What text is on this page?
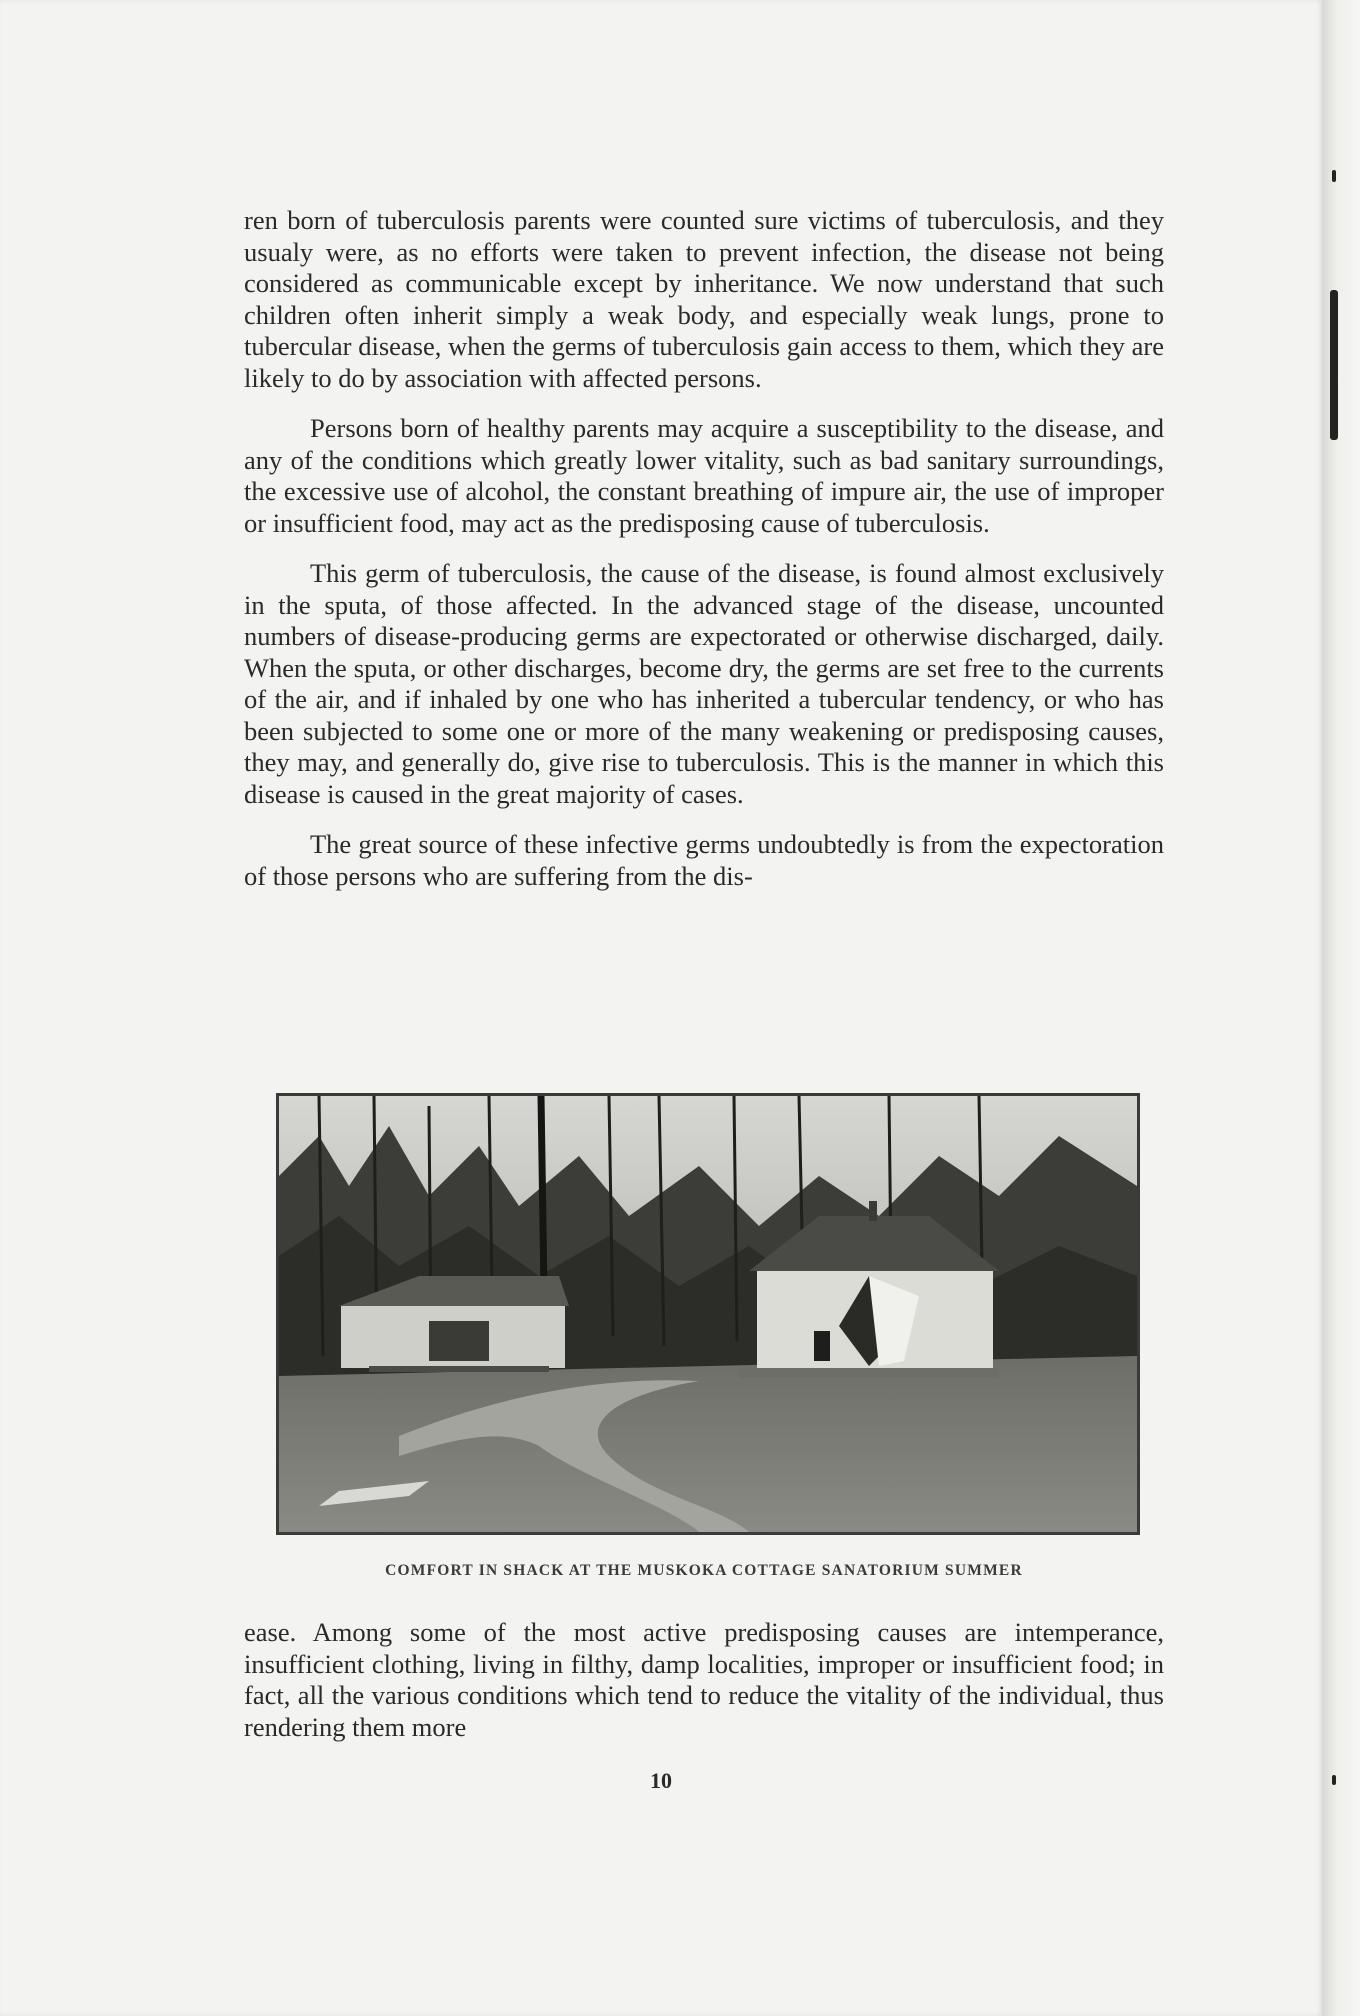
ren born of tuberculosis parents were counted sure victims of tuberculosis, and they usualy were, as no efforts were taken to prevent infection, the disease not being considered as communicable except by inheritance. We now understand that such children often inherit simply a weak body, and especially weak lungs, prone to tubercular disease, when the germs of tuberculosis gain access to them, which they are likely to do by association with affected persons.

Persons born of healthy parents may acquire a susceptibility to the disease, and any of the conditions which greatly lower vitality, such as bad sanitary surroundings, the excessive use of alcohol, the constant breathing of impure air, the use of improper or insufficient food, may act as the predisposing cause of tuberculosis.

This germ of tuberculosis, the cause of the disease, is found almost exclusively in the sputa, of those affected. In the advanced stage of the disease, uncounted numbers of disease-producing germs are expectorated or otherwise discharged, daily. When the sputa, or other discharges, become dry, the germs are set free to the currents of the air, and if inhaled by one who has inherited a tubercular tendency, or who has been subjected to some one or more of the many weakening or predisposing causes, they may, and generally do, give rise to tuberculosis. This is the manner in which this disease is caused in the great majority of cases.

The great source of these infective germs undoubtedly is from the expectoration of those persons who are suffering from the dis-

COMFORT IN SHACK AT THE MUSKOKA COTTAGE SANATORIUM SUMMER

ease. Among some of the most active predisposing causes are intemperance, insufficient clothing, living in filthy, damp localities, improper or insufficient food; in fact, all the various conditions which tend to reduce the vitality of the individual, thus rendering them more

10
